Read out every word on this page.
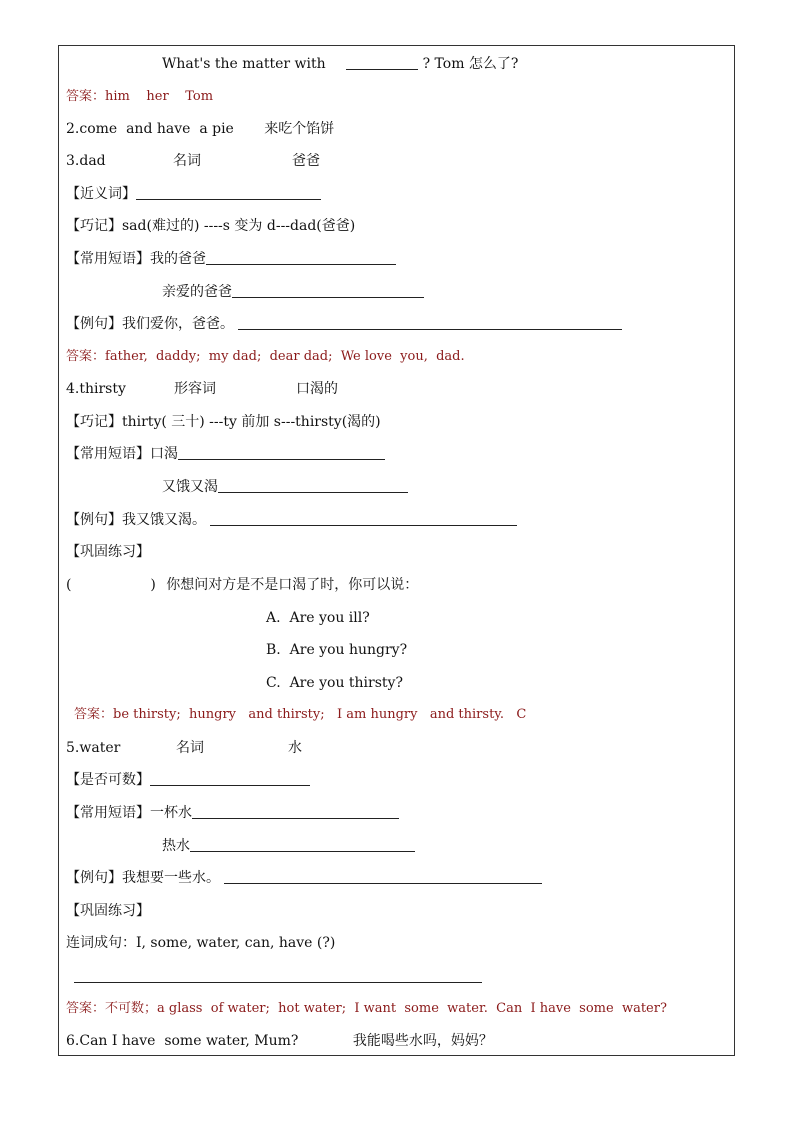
What's the matter with	? Tom 怎么了?
答案：him    her    Tom
2.come  and have  a pie 来吃个馅饼
3.dad	名词	爸爸
【近义词】
【巧记】sad(难过的) ----s 变为 d---dad(爸爸)
【常用短语】我的爸爸
亲爱的爸爸
【例句】我们爱你，爸爸。
答案：father,  daddy;  my dad;  dear dad;  We love  you,  dad.
4.thirsty	形容词	口渴的
【巧记】thirty( 三十) ---ty 前加 s---thirsty(渴的)
【常用短语】口渴
又饿又渴
【例句】我又饿又渴。
【巩固练习】
(	) 你想问对方是不是口渴了时，你可以说：
A.  Are you ill?
B.  Are you hungry?
C.  Are you thirsty?
答案：be thirsty;  hungry   and thirsty;   I am hungry   and thirsty.   C
5.water	名词	水
【是否可数】
【常用短语】一杯水
热水
【例句】我想要一些水。
【巩固练习】
连词成句：I, some, water, can, have (?)
答案：不可数；a glass  of water;  hot water;  I want  some  water.  Can  I have  some  water?
6.Can I have  some water, Mum?	我能喝些水吗，妈妈？
